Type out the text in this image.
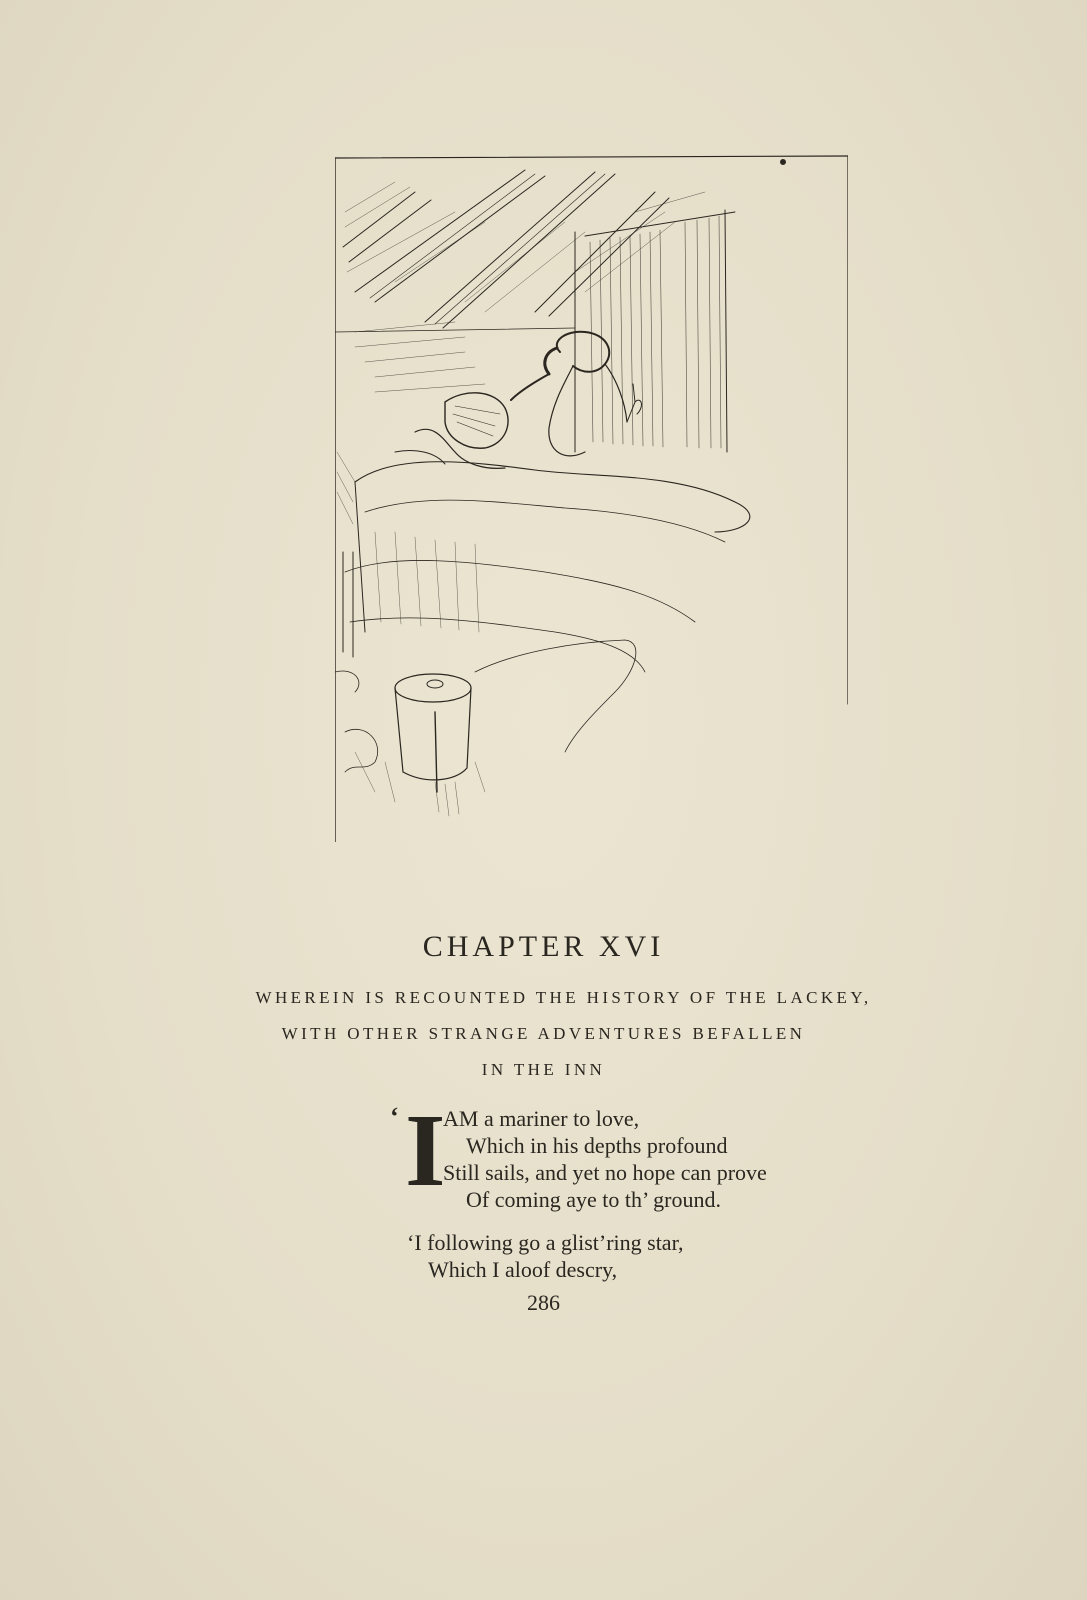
CHAPTER XVI

WHEREIN IS RECOUNTED THE HISTORY OF THE LACKEY,

WITH OTHER STRANGE ADVENTURES BEFALLEN

IN THE INN

‘ I
AM a mariner to love,
Which in his depths profound
Still sails, and yet no hope can prove
Of coming aye to th’ ground.
‘I following go a glist’ring star,
Which I aloof descry,
286
